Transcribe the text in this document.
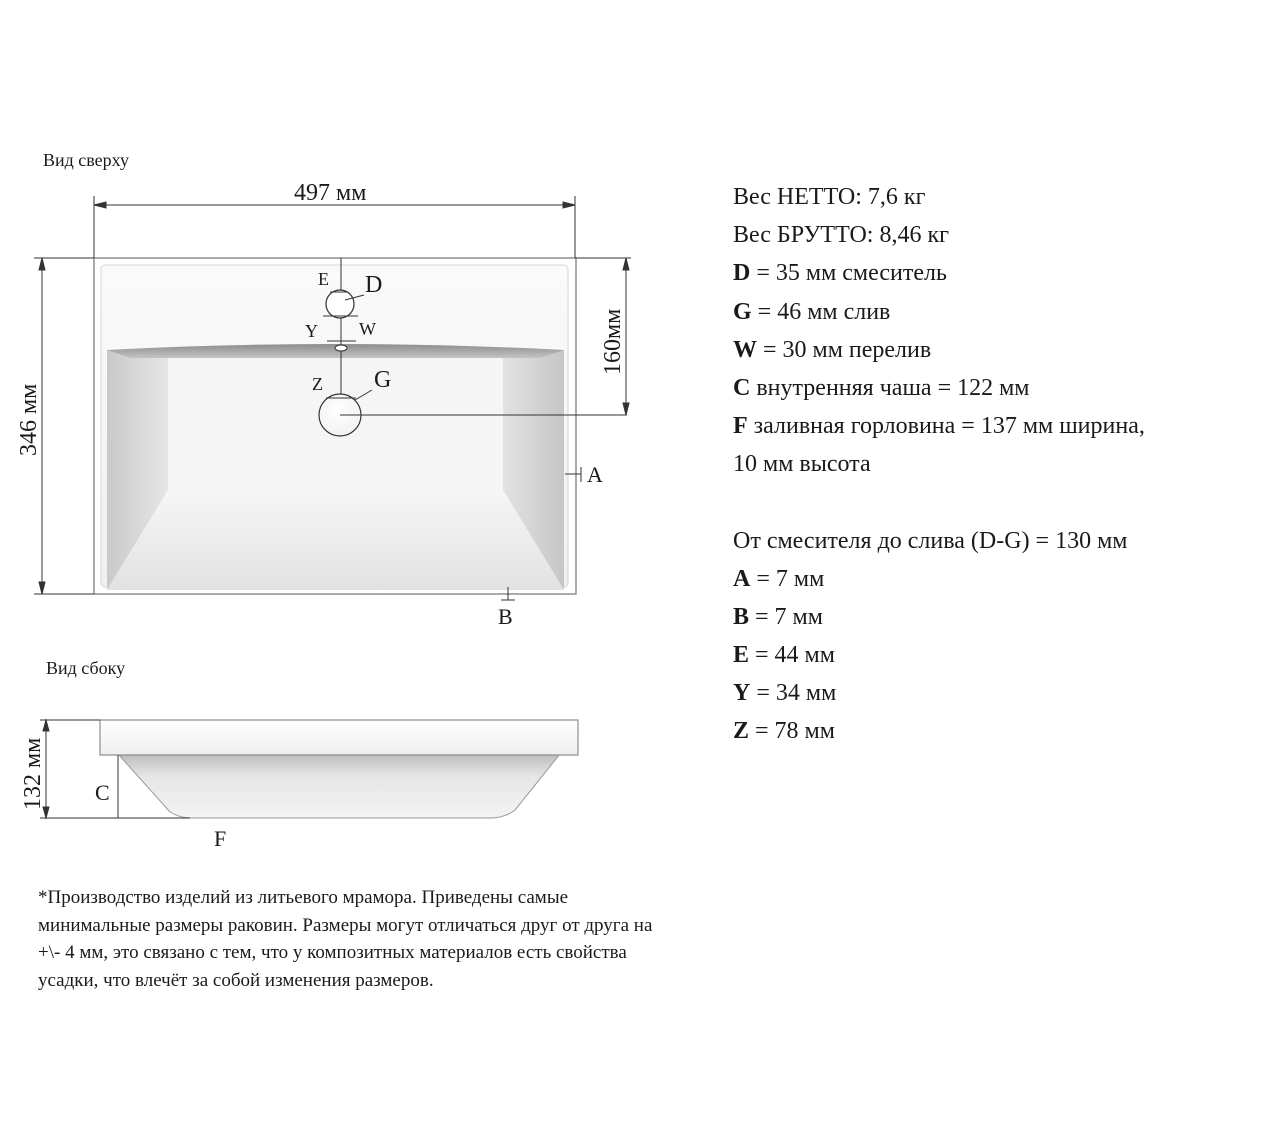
Вид сверху
E D
Y W
Z G
A
B
497 мм
346 мм
160мм
Вид сбоку
132 мм C
F
Вес НЕТТО: 7,6 кг
Вес БРУТТО: 8,46 кг
D = 35 мм смеситель
G = 46 мм слив
W = 30 мм перелив
C внутренняя чаша = 122 мм
F заливная горловина = 137 мм ширина,
10 мм высота
От смесителя до слива (D-G) = 130 мм
A = 7 мм
B = 7 мм
E = 44 мм
Y = 34 мм
Z = 78 мм
*Производство изделий из литьевого мрамора. Приведены самые
минимальные размеры раковин. Размеры могут отличаться друг от друга на
+\- 4 мм, это связано с тем, что у композитных материалов есть свойства
усадки, что влечёт за собой изменения размеров.
